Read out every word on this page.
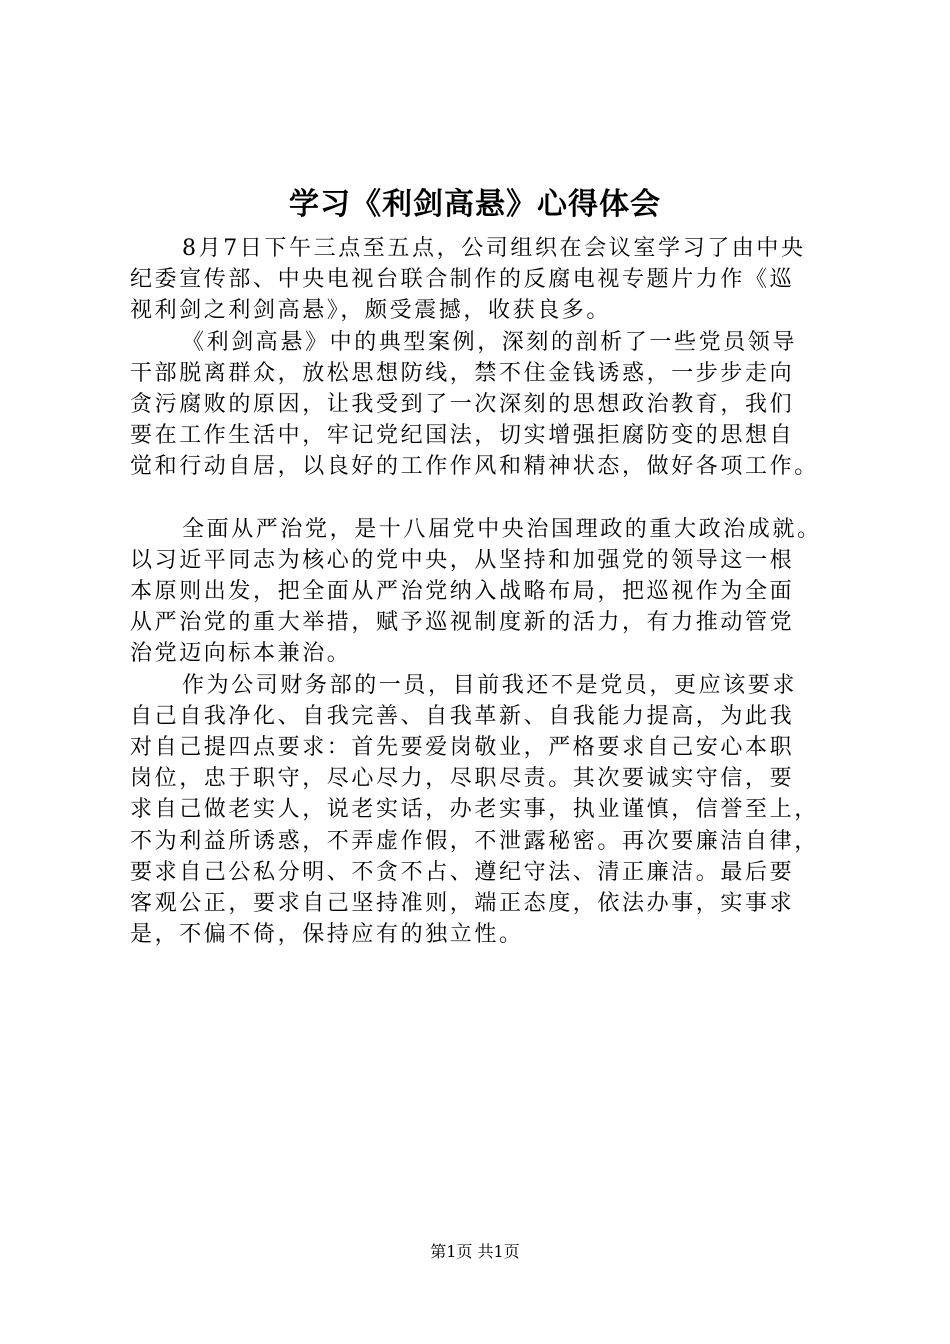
学习《利剑高悬》心得体会
8月7日下午三点至五点，公司组织在会议室学习了由中央
纪委宣传部、中央电视台联合制作的反腐电视专题片力作《巡
视利剑之利剑高悬》，颇受震撼，收获良多。
《利剑高悬》中的典型案例，深刻的剖析了一些党员领导
干部脱离群众，放松思想防线，禁不住金钱诱惑，一步步走向
贪污腐败的原因，让我受到了一次深刻的思想政治教育，我们
要在工作生活中，牢记党纪国法，切实增强拒腐防变的思想自
觉和行动自居，以良好的工作作风和精神状态，做好各项工作。
全面从严治党，是十八届党中央治国理政的重大政治成就。
以习近平同志为核心的党中央，从坚持和加强党的领导这一根
本原则出发，把全面从严治党纳入战略布局，把巡视作为全面
从严治党的重大举措，赋予巡视制度新的活力，有力推动管党
治党迈向标本兼治。
作为公司财务部的一员，目前我还不是党员，更应该要求
自己自我净化、自我完善、自我革新、自我能力提高，为此我
对自己提四点要求：首先要爱岗敬业，严格要求自己安心本职
岗位，忠于职守，尽心尽力，尽职尽责。其次要诚实守信，要
求自己做老实人，说老实话，办老实事，执业谨慎，信誉至上，
不为利益所诱惑，不弄虚作假，不泄露秘密。再次要廉洁自律，
要求自己公私分明、不贪不占、遵纪守法、清正廉洁。最后要
客观公正，要求自己坚持准则，端正态度，依法办事，实事求
是，不偏不倚，保持应有的独立性。
第1页 共1页
